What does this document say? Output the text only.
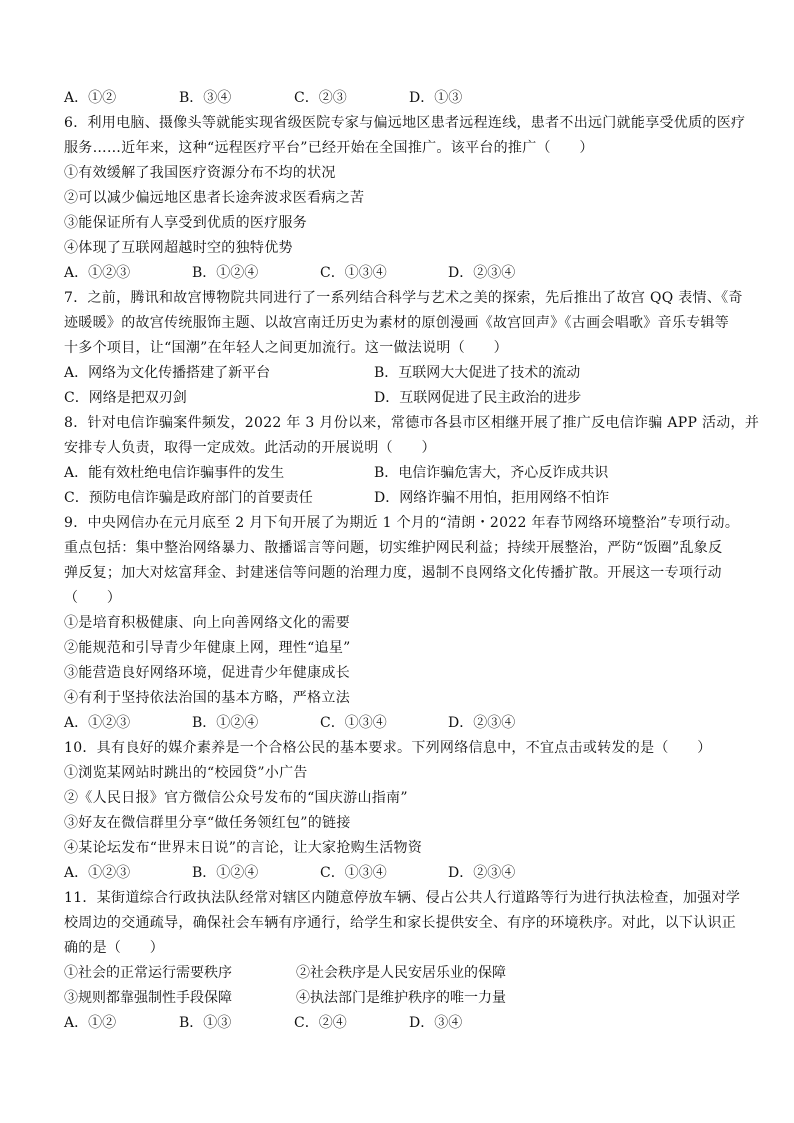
A．①②	B．③④	C．②③	D．①③
6．利用电脑、摄像头等就能实现省级医院专家与偏远地区患者远程连线，患者不出远门就能享受优质的医疗
服务……近年来，这种“远程医疗平台”已经开始在全国推广。该平台的推广（　　）
①有效缓解了我国医疗资源分布不均的状况
②可以减少偏远地区患者长途奔波求医看病之苦
③能保证所有人享受到优质的医疗服务
④体现了互联网超越时空的独特优势
A．①②③	B．①②④	C．①③④	D．②③④
7．之前，腾讯和故宫博物院共同进行了一系列结合科学与艺术之美的探索，先后推出了故宫 QQ 表情、《奇
迹暖暖》的故宫传统服饰主题、以故宫南迁历史为素材的原创漫画《故宫回声》《古画会唱歌》音乐专辑等
十多个项目，让“国潮”在年轻人之间更加流行。这一做法说明（　　）
A．网络为文化传播搭建了新平台	B．互联网大大促进了技术的流动
C．网络是把双刃剑	D．互联网促进了民主政治的进步
8．针对电信诈骗案件频发，2022 年 3 月份以来，常德市各县市区相继开展了推广反电信诈骗 APP 活动，并
安排专人负责，取得一定成效。此活动的开展说明（　　）
A．能有效杜绝电信诈骗事件的发生	B．电信诈骗危害大，齐心反诈成共识
C．预防电信诈骗是政府部门的首要责任	D．网络诈骗不用怕，拒用网络不怕诈
9．中央网信办在元月底至 2 月下旬开展了为期近 1 个月的“清朗・2022 年春节网络环境整治”专项行动。
重点包括：集中整治网络暴力、散播谣言等问题，切实维护网民利益；持续开展整治，严防“饭圈”乱象反
弹反复；加大对炫富拜金、封建迷信等问题的治理力度，遏制不良网络文化传播扩散。开展这一专项行动
（　　）
①是培育积极健康、向上向善网络文化的需要
②能规范和引导青少年健康上网，理性“追星”
③能营造良好网络环境，促进青少年健康成长
④有利于坚持依法治国的基本方略，严格立法
A．①②③	B．①②④	C．①③④	D．②③④
10．具有良好的媒介素养是一个合格公民的基本要求。下列网络信息中，不宜点击或转发的是（　　）
①浏览某网站时跳出的“校园贷”小广告
②《人民日报》官方微信公众号发布的“国庆游山指南”
③好友在微信群里分享“做任务领红包”的链接
④某论坛发布“世界末日说”的言论，让大家抢购生活物资
A．①②③	B．①②④	C．①③④	D．②③④
11．某街道综合行政执法队经常对辖区内随意停放车辆、侵占公共人行道路等行为进行执法检查，加强对学
校周边的交通疏导，确保社会车辆有序通行，给学生和家长提供安全、有序的环境秩序。对此，以下认识正
确的是（　　）
①社会的正常运行需要秩序	②社会秩序是人民安居乐业的保障
③规则都靠强制性手段保障	④执法部门是维护秩序的唯一力量
A．①②	B．①③	C．②④	D．③④
